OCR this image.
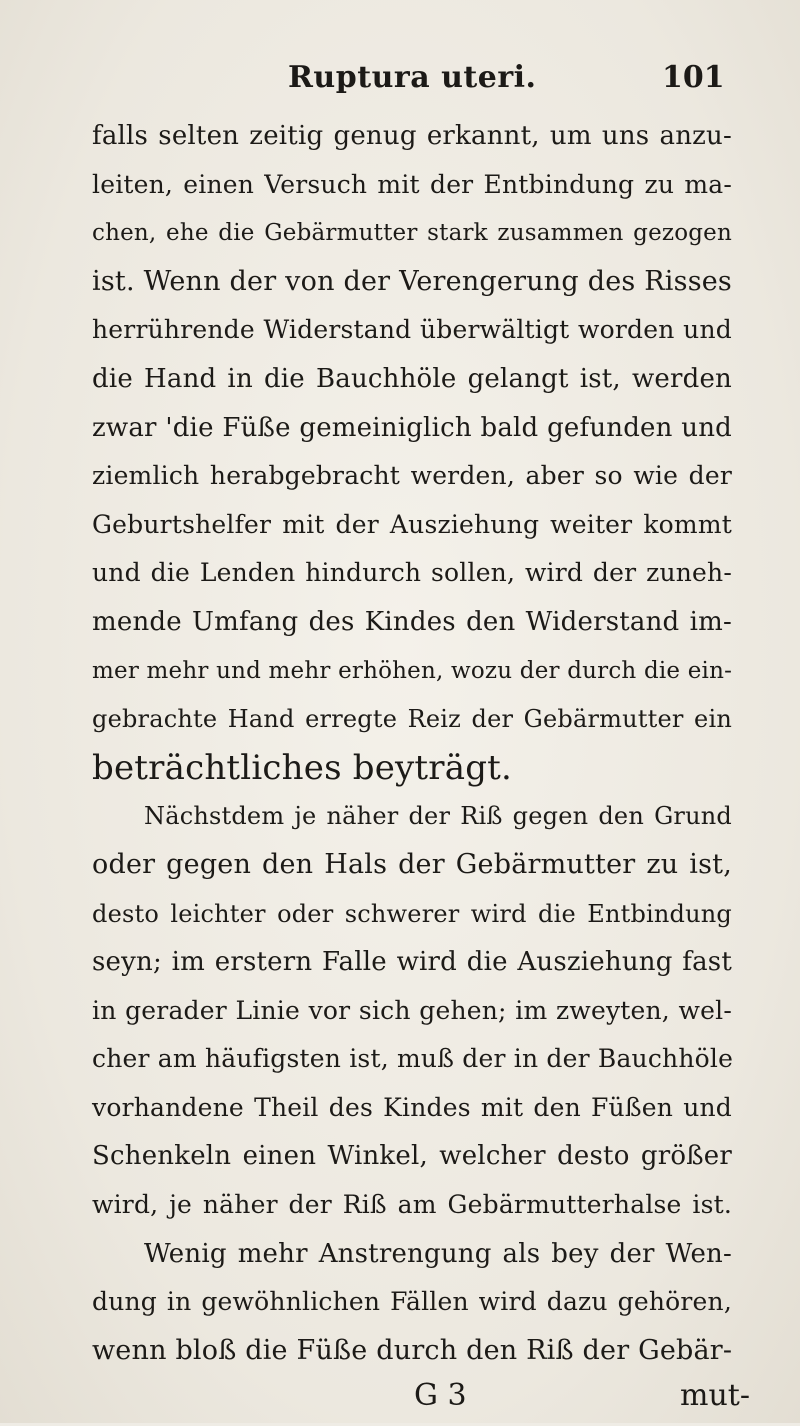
Ruptura uteri.	101
falls selten zeitig genug erkannt, um uns anzu-
leiten, einen Versuch mit der Entbindung zu ma-
chen, ehe die Gebärmutter stark zusammen gezogen
ist. Wenn der von der Verengerung des Risses
herrührende Widerstand überwältigt worden und
die Hand in die Bauchhöle gelangt ist, werden
zwar 'die Füße gemeiniglich bald gefunden und
ziemlich herabgebracht werden, aber so wie der
Geburtshelfer mit der Ausziehung weiter kommt
und die Lenden hindurch sollen, wird der zuneh-
mende Umfang des Kindes den Widerstand im-
mer mehr und mehr erhöhen, wozu der durch die ein-
gebrachte Hand erregte Reiz der Gebärmutter ein
beträchtliches beyträgt.
Nächstdem je näher der Riß gegen den Grund
oder gegen den Hals der Gebärmutter zu ist,
desto leichter oder schwerer wird die Entbindung
seyn; im erstern Falle wird die Ausziehung fast
in gerader Linie vor sich gehen; im zweyten, wel-
cher am häufigsten ist, muß der in der Bauchhöle
vorhandene Theil des Kindes mit den Füßen und
Schenkeln einen Winkel, welcher desto größer
wird, je näher der Riß am Gebärmutterhalse ist.
Wenig mehr Anstrengung als bey der Wen-
dung in gewöhnlichen Fällen wird dazu gehören,
wenn bloß die Füße durch den Riß der Gebär-
G 3	mut-
